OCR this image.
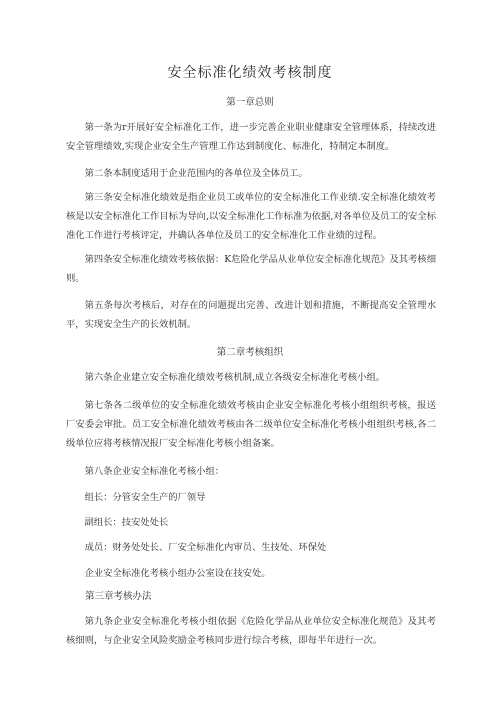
安全标准化绩效考核制度
第一章总则

第一条为r开展好安全标准化工作，进一步完善企业职业健康安全管理体系，持续改进安全管理绩效,实现企业安全生产管理工作达到制度化、标准化，特制定本制度。

第二条本制度适用于企业范围内的各单位及全体员工。

第三条安全标准化绩效是指企业员工或单位的安全标准化工作业绩.安全标准化绩效考核是以安全标准化工作目标为导向,以安全标准化工作标准为依据,对各单位及员工的安全标准化工作进行考核评定，并确认各单位及员工的安全标准化工作业绩的过程。

第四条安全标准化绩效考核依据：K危险化学品从业单位安全标准化规范》及其考核细则。

第五条每次考核后，对存在的问题提出完善、改进计划和措施，不断提高安全管理水平，实现安全生产的长效机制。

第二章考核组织

第六条企业建立安全标准化绩效考核机制,成立各级安全标准化考核小组。

第七条各二级单位的安全标准化绩效考核由企业安全标准化考核小组组织考核，报送厂安委会审批。员工安全标准化绩效考核由各二级单位安全标准化考核小组组织考核,各二级单位应将考核情况报厂安全标准化考核小组备案。

第八条企业安全标准化考核小组：

组长：分管安全生产的厂领导

副组长：技安处处长

成员：财务处处长、厂安全标准化内审员、生技处、环保处

企业安全标准化考核小组办公室设在技安处。

第三章考核办法

第九条企业安全标准化考核小组依据《危险化学品从业单位安全标准化规范》及其考核细则，与企业安全风险奖励金考核同步进行综合考核，即每半年进行一次。
